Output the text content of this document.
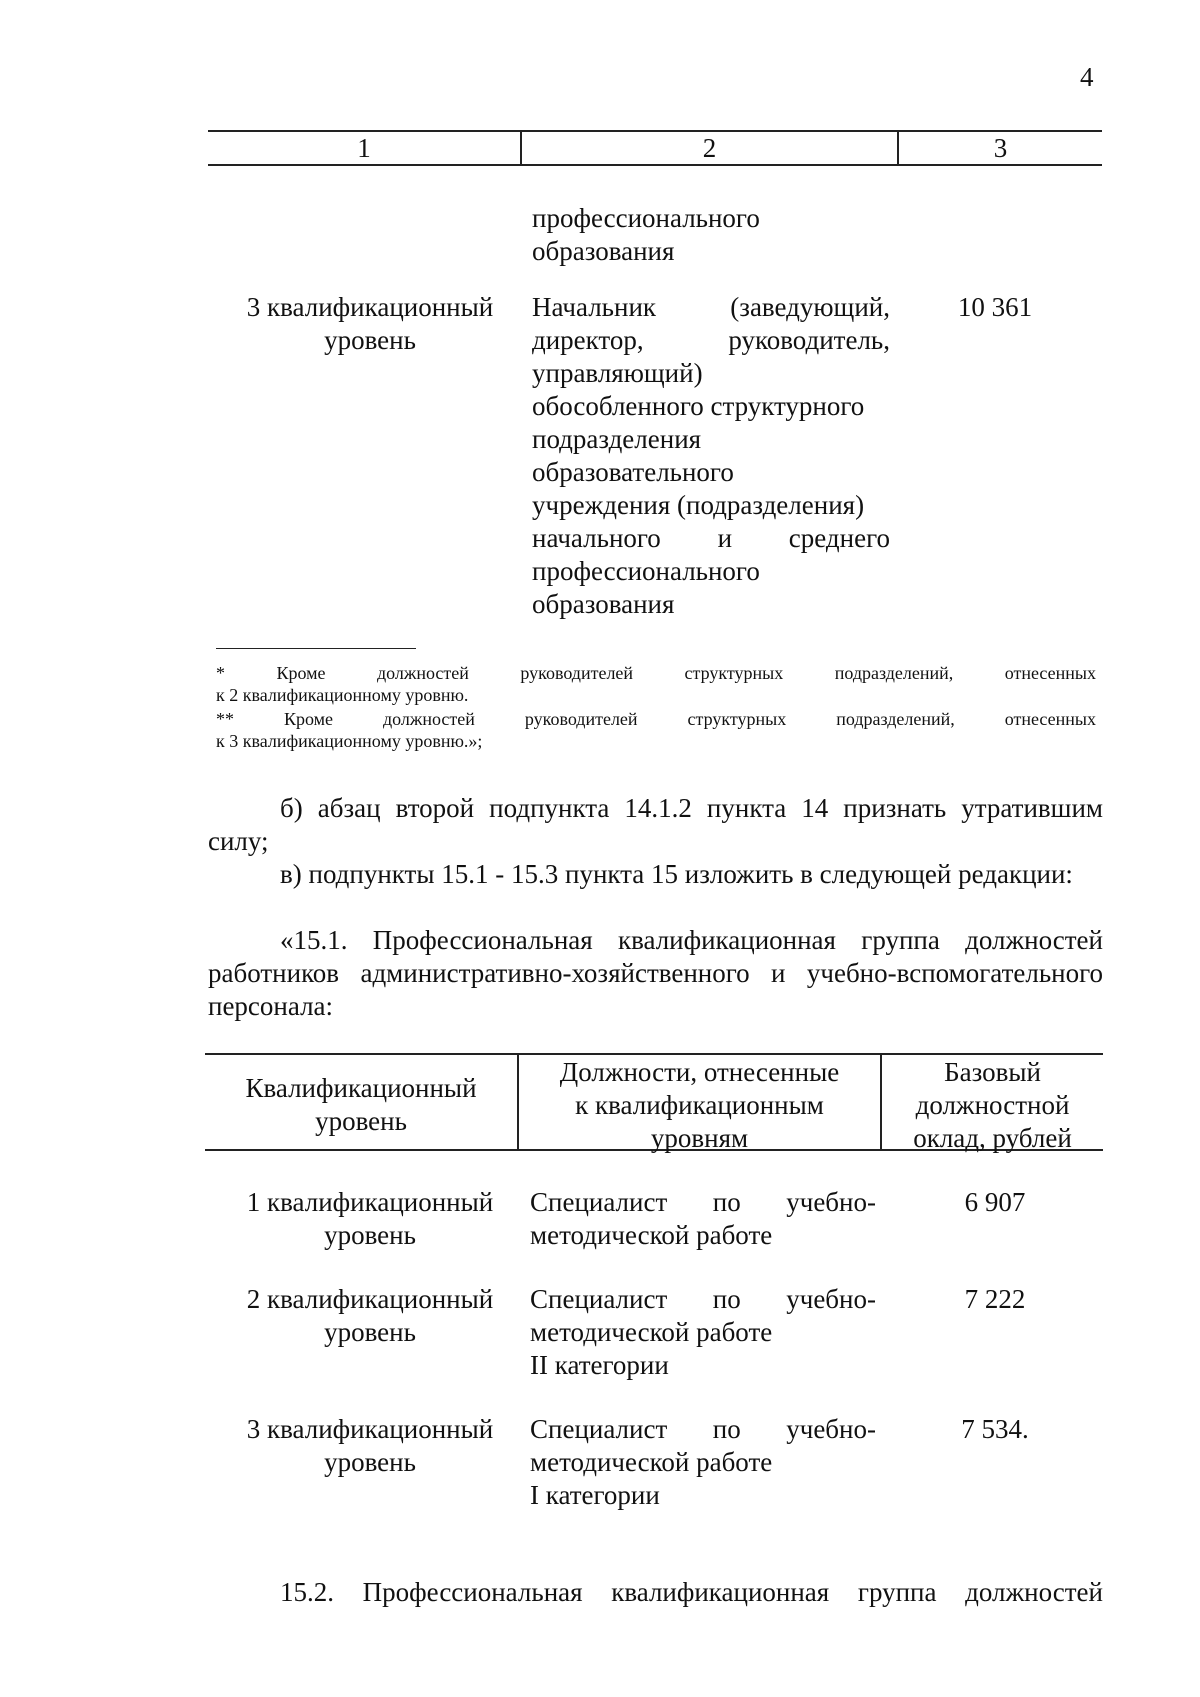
4
1	2	3
профессионального
образования
3 квалификационный
уровень
Начальник (заведующий,
директор, руководитель,
управляющий)
обособленного структурного
подразделения
образовательного
учреждения (подразделения)
начального и среднего
профессионального
образования
10 361
* Кроме должностей руководителей структурных подразделений, отнесенных
к 2 квалификационному уровню.
** Кроме должностей руководителей структурных подразделений, отнесенных
к 3 квалификационному уровню.»;
б) абзац второй подпункта 14.1.2 пункта 14 признать утратившим силу;
в) подпункты 15.1 - 15.3 пункта 15 изложить в следующей редакции:
«15.1. Профессиональная квалификационная группа должностей работников административно-хозяйственного и учебно-вспомогательного персонала:
Квалификационный
уровень
Должности, отнесенные
к квалификационным
уровням
Базовый
должностной
оклад, рублей
1 квалификационный
уровень
Специалист по учебно-
методической работе
6 907
2 квалификационный
уровень
Специалист по учебно-
методической работе
II категории
7 222
3 квалификационный
уровень
Специалист по учебно-
методической работе
I категории
7 534.
15.2. Профессиональная квалификационная группа должностей
